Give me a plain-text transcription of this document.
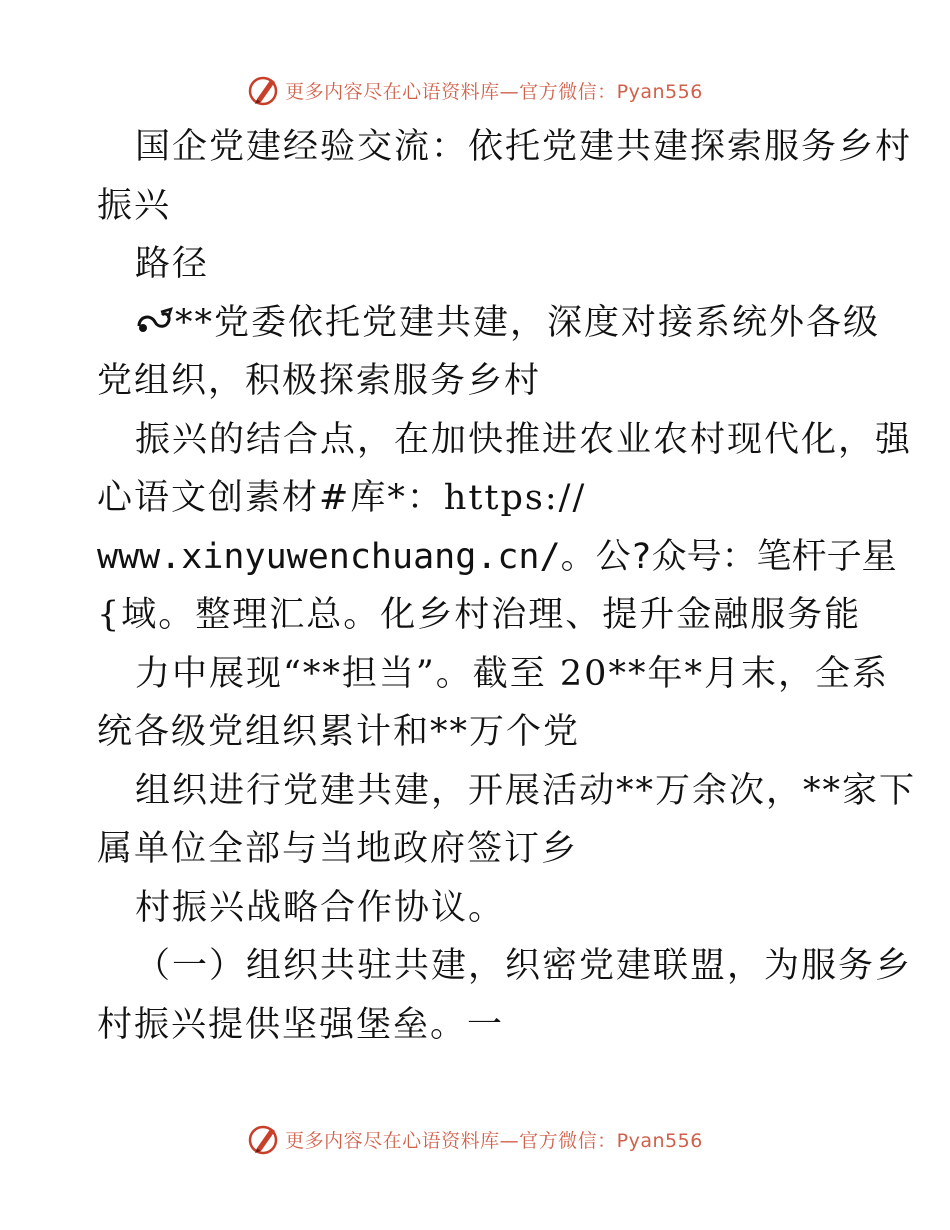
更多内容尽在心语资料库—官方微信：Pyan556
国企党建经验交流：依托党建共建探索服务乡村
振兴
路径
**党委依托党建共建，深度对接系统外各级
党组织，积极探索服务乡村
振兴的结合点，在加快推进农业农村现代化，强
心语文创素材#库*：https://
www.xinyuwenchuang.cn/。公?众号：笔杆子星
{域。整理汇总。化乡村治理、提升金融服务能
力中展现“**担当”。截至 20**年*月末，全系
统各级党组织累计和**万个党
组织进行党建共建，开展活动**万余次，**家下
属单位全部与当地政府签订乡
村振兴战略合作协议。
（一）组织共驻共建，织密党建联盟，为服务乡
村振兴提供坚强堡垒。一
更多内容尽在心语资料库—官方微信：Pyan556
